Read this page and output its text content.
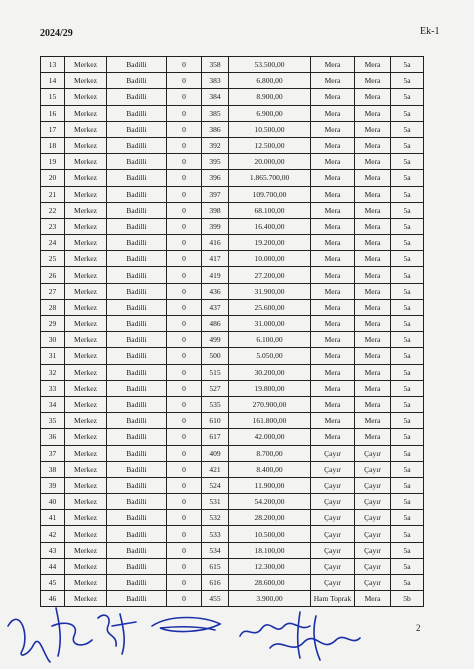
2024/29	Ek-1
13	Merkez	Badilli	0	358	53.500,00	Mera	Mera	5a
14	Merkez	Badilli	0	383	6.800,00	Mera	Mera	5a
15	Merkez	Badilli	0	384	8.900,00	Mera	Mera	5a
16	Merkez	Badilli	0	385	6.900,00	Mera	Mera	5a
17	Merkez	Badilli	0	386	10.500,00	Mera	Mera	5a
18	Merkez	Badilli	0	392	12.500,00	Mera	Mera	5a
19	Merkez	Badilli	0	395	20.000,00	Mera	Mera	5a
20	Merkez	Badilli	0	396	1.865.700,00	Mera	Mera	5a
21	Merkez	Badilli	0	397	109.700,00	Mera	Mera	5a
22	Merkez	Badilli	0	398	68.100,00	Mera	Mera	5a
23	Merkez	Badilli	0	399	16.400,00	Mera	Mera	5a
24	Merkez	Badilli	0	416	19.200,00	Mera	Mera	5a
25	Merkez	Badilli	0	417	10.000,00	Mera	Mera	5a
26	Merkez	Badilli	0	419	27.200,00	Mera	Mera	5a
27	Merkez	Badilli	0	436	31.900,00	Mera	Mera	5a
28	Merkez	Badilli	0	437	25.600,00	Mera	Mera	5a
29	Merkez	Badilli	0	486	31.000,00	Mera	Mera	5a
30	Merkez	Badilli	0	499	6.100,00	Mera	Mera	5a
31	Merkez	Badilli	0	500	5.050,00	Mera	Mera	5a
32	Merkez	Badilli	0	515	30.200,00	Mera	Mera	5a
33	Merkez	Badilli	0	527	19.800,00	Mera	Mera	5a
34	Merkez	Badilli	0	535	270.900,00	Mera	Mera	5a
35	Merkez	Badilli	0	610	161.800,00	Mera	Mera	5a
36	Merkez	Badilli	0	617	42.000,00	Mera	Mera	5a
37	Merkez	Badilli	0	409	8.700,00	Çayır	Çayır	5a
38	Merkez	Badilli	0	421	8.400,00	Çayır	Çayır	5a
39	Merkez	Badilli	0	524	11.900,00	Çayır	Çayır	5a
40	Merkez	Badilli	0	531	54.200,00	Çayır	Çayır	5a
41	Merkez	Badilli	0	532	28.200,00	Çayır	Çayır	5a
42	Merkez	Badilli	0	533	10.500,00	Çayır	Çayır	5a
43	Merkez	Badilli	0	534	18.100,00	Çayır	Çayır	5a
44	Merkez	Badilli	0	615	12.300,00	Çayır	Çayır	5a
45	Merkez	Badilli	0	616	28.600,00	Çayır	Çayır	5a
46	Merkez	Badilli	0	455	3.900,00	Ham Toprak	Mera	5b
2
